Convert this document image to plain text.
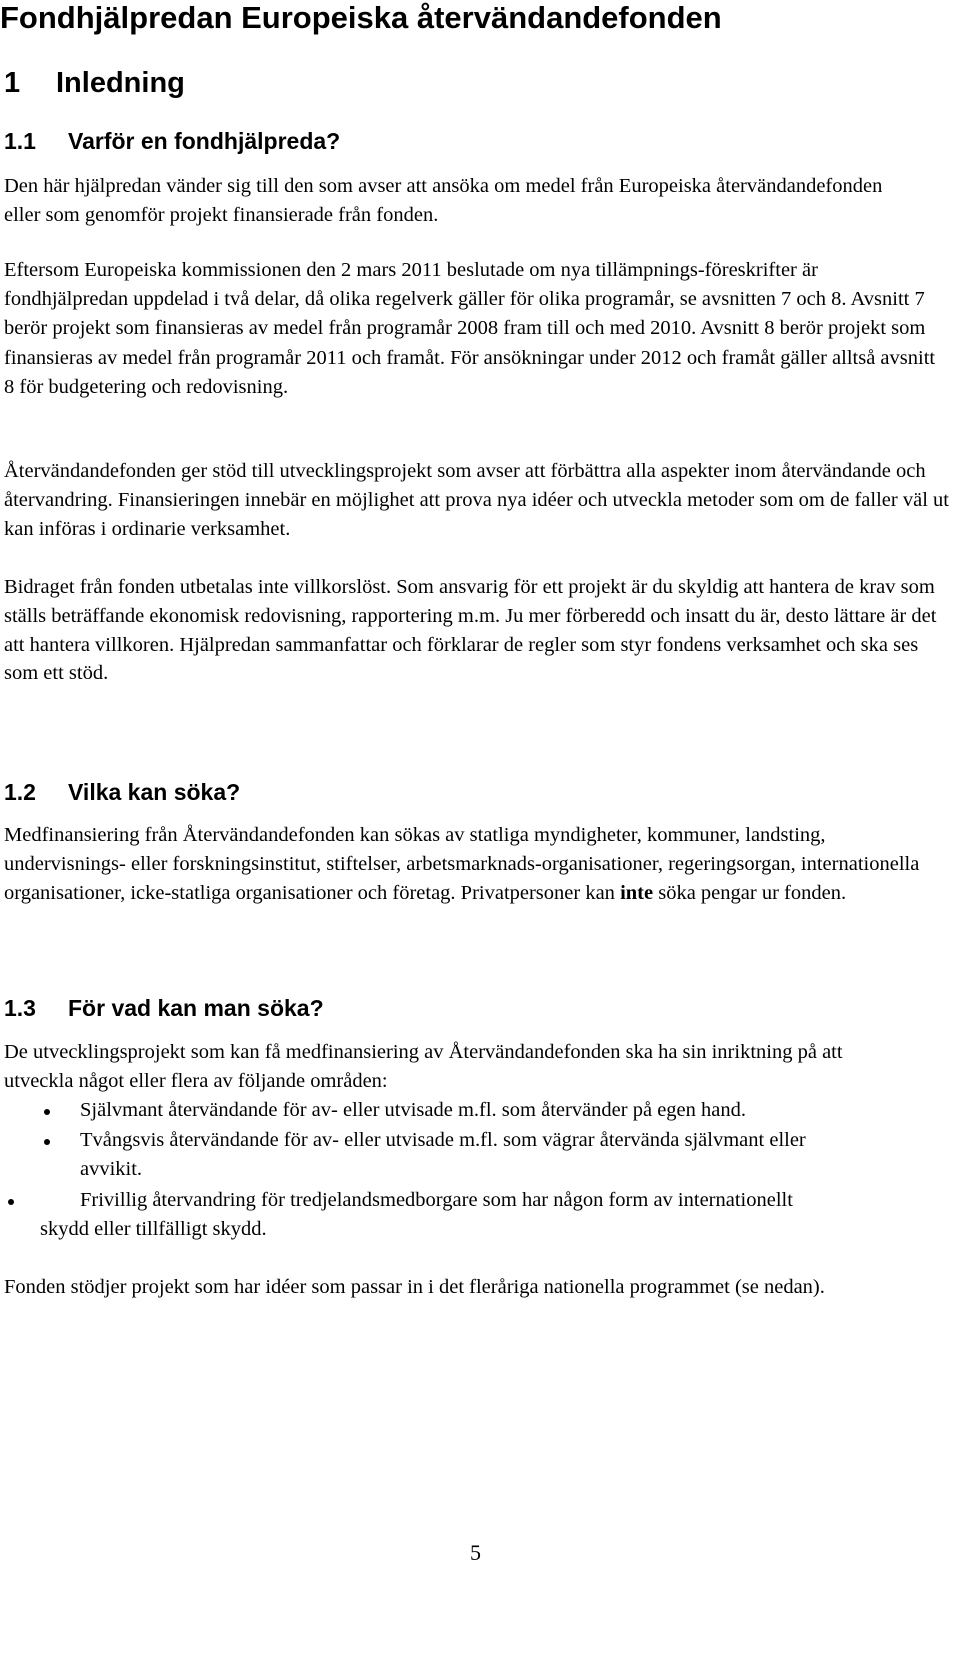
Fondhjälpredan Europeiska återvändandefonden
1 Inledning
1.1 Varför en fondhjälpreda?

Den här hjälpredan vänder sig till den som avser att ansöka om medel från Europeiska återvändandefonden eller som genomför projekt finansierade från fonden.

Eftersom Europeiska kommissionen den 2 mars 2011 beslutade om nya tillämpnings-föreskrifter är fondhjälpredan uppdelad i två delar, då olika regelverk gäller för olika programår, se avsnitten 7 och 8. Avsnitt 7 berör projekt som finansieras av medel från programår 2008 fram till och med 2010. Avsnitt 8 berör projekt som finansieras av medel från programår 2011 och framåt. För ansökningar under 2012 och framåt gäller alltså avsnitt 8 för budgetering och redovisning.

Återvändandefonden ger stöd till utvecklingsprojekt som avser att förbättra alla aspekter inom återvändande och återvandring. Finansieringen innebär en möjlighet att prova nya idéer och utveckla metoder som om de faller väl ut kan införas i ordinarie verksamhet.

Bidraget från fonden utbetalas inte villkorslöst. Som ansvarig för ett projekt är du skyldig att hantera de krav som ställs beträffande ekonomisk redovisning, rapportering m.m. Ju mer förberedd och insatt du är, desto lättare är det att hantera villkoren. Hjälpredan sammanfattar och förklarar de regler som styr fondens verksamhet och ska ses som ett stöd.

1.2 Vilka kan söka?

Medfinansiering från Återvändandefonden kan sökas av statliga myndigheter, kommuner, landsting, undervisnings- eller forskningsinstitut, stiftelser, arbetsmarknads-organisationer, regeringsorgan, internationella organisationer, icke-statliga organisationer och företag. Privatpersoner kan inte söka pengar ur fonden.

1.3 För vad kan man söka?

De utvecklingsprojekt som kan få medfinansiering av Återvändandefonden ska ha sin inriktning på att utveckla något eller flera av följande områden:

Självmant återvändande för av- eller utvisade m.fl. som återvänder på egen hand.

Tvångsvis återvändande för av- eller utvisade m.fl. som vägrar återvända självmant eller avvikit.

Frivillig återvandring för tredjelandsmedborgare som har någon form av internationellt skydd eller tillfälligt skydd.

Fonden stödjer projekt som har idéer som passar in i det fleråriga nationella programmet (se nedan).

5
